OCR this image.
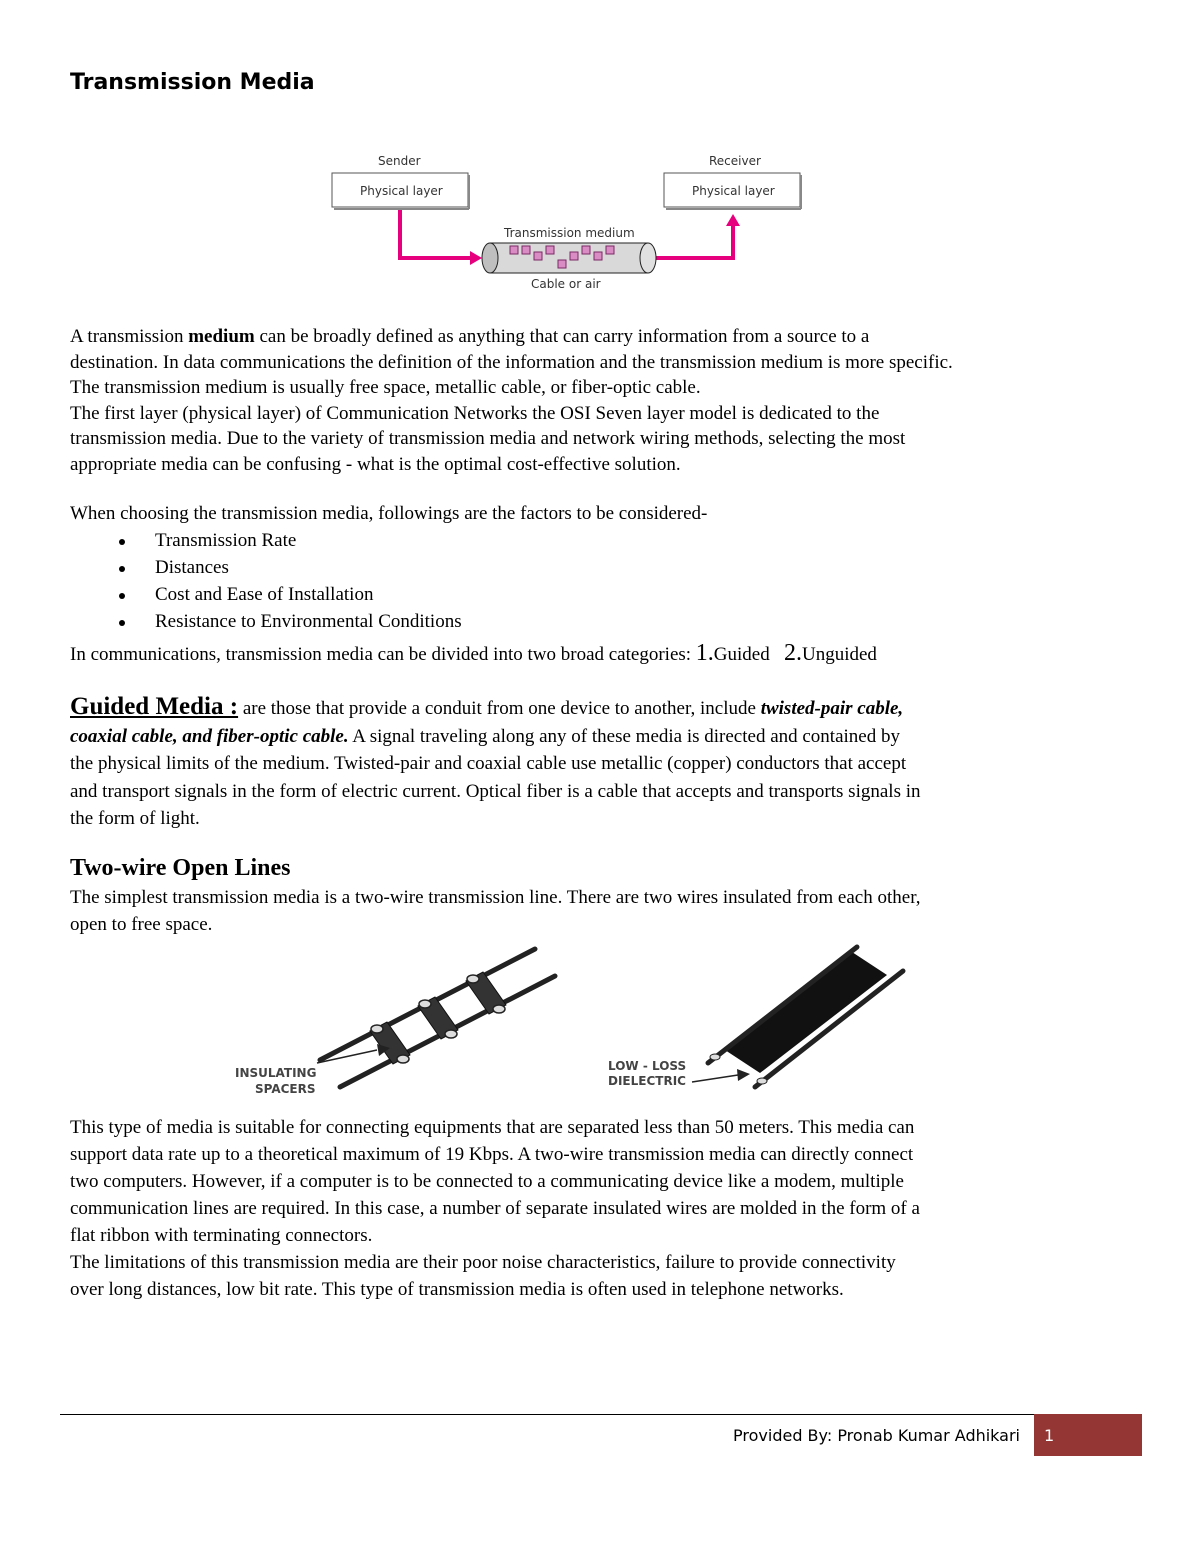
Transmission Media
Sender
Physical layer
Receiver
Physical layer
Transmission medium
Cable or air
A transmission medium can be broadly defined as anything that can carry information from a source to a
destination. In data communications the definition of the information and the transmission medium is more specific.
The transmission medium is usually free space, metallic cable, or fiber-optic cable.
The first layer (physical layer) of Communication Networks the OSI Seven layer model is dedicated to the
transmission media. Due to the variety of transmission media and network wiring methods, selecting the most
appropriate media can be confusing - what is the optimal cost-effective solution.
When choosing the transmission media, followings are the factors to be considered-
Transmission Rate
Distances
Cost and Ease of Installation
Resistance to Environmental Conditions
In communications, transmission media can be divided into two broad categories: 1.Guided 2.Unguided
Guided Media : are those that provide a conduit from one device to another, include twisted-pair cable,
coaxial cable, and fiber-optic cable. A signal traveling along any of these media is directed and contained by
the physical limits of the medium. Twisted-pair and coaxial cable use metallic (copper) conductors that accept
and transport signals in the form of electric current. Optical fiber is a cable that accepts and transports signals in
the form of light.
Two-wire Open Lines
The simplest transmission media is a two-wire transmission line. There are two wires insulated from each other,
open to free space.
INSULATING
SPACERS
LOW - LOSS
DIELECTRIC
This type of media is suitable for connecting equipments that are separated less than 50 meters. This media can
support data rate up to a theoretical maximum of 19 Kbps. A two-wire transmission media can directly connect
two computers. However, if a computer is to be connected to a communicating device like a modem, multiple
communication lines are required. In this case, a number of separate insulated wires are molded in the form of a
flat ribbon with terminating connectors.
The limitations of this transmission media are their poor noise characteristics, failure to provide connectivity
over long distances, low bit rate. This type of transmission media is often used in telephone networks.
Provided By: Pronab Kumar Adhikari 1
